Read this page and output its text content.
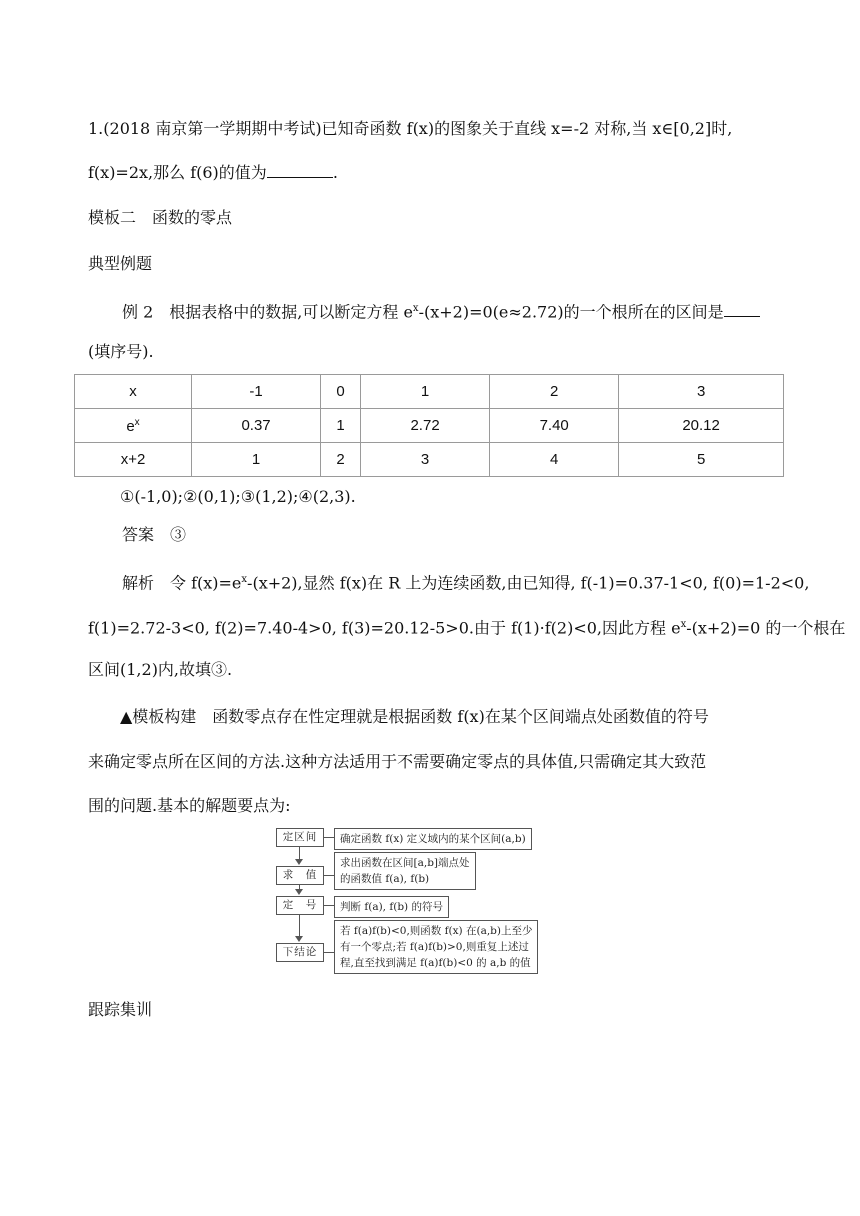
1.(2018 南京第一学期期中考试)已知奇函数 f(x)的图象关于直线 x=-2 对称,当 x∈[0,2]时,
f(x)=2x,那么 f(6)的值为	.
模板二　函数的零点
典型例题
例 2　根据表格中的数据,可以断定方程 $e^x-(x+2)=0(e\approx 2.72)$的一个根所在的区间是
(填序号).
x	-1	0	1	2	3
$e^x$	0.37	1	2.72	7.40	20.12
x+2	1	2	3	4	5
①(-1,0);②(0,1);③(1,2);④(2,3).
答案　③
解析　令 $f(x)=e^x-(x+2)$,显然 f(x)在 R 上为连续函数,由已知得, f(-1)=0.37-1<0, f(0)=1-2<0,
f(1)=2.72-3<0, f(2)=7.40-4>0, f(3)=20.12-5>0.由于 f(1)·f(2)<0,因此方程 $e^x-(x+2)=0$ 的一个根在
区间(1,2)内,故填③.
▲模板构建　函数零点存在性定理就是根据函数 f(x)在某个区间端点处函数值的符号
来确定零点所在区间的方法.这种方法适用于不需要确定零点的具体值,只需确定其大致范
围的问题.基本的解题要点为:
定区间	确定函数 f(x) 定义域内的某个区间(a,b)
求　值
求出函数在区间[a,b]端点处
的函数值 f(a), f(b)
定　号	判断 f(a), f(b) 的符号
下结论
若 f(a)f(b)<0,则函数 f(x) 在(a,b)上至少
有一个零点;若 f(a)f(b)>0,则重复上述过
程,直至找到满足 f(a)f(b)<0 的 a,b 的值
跟踪集训
